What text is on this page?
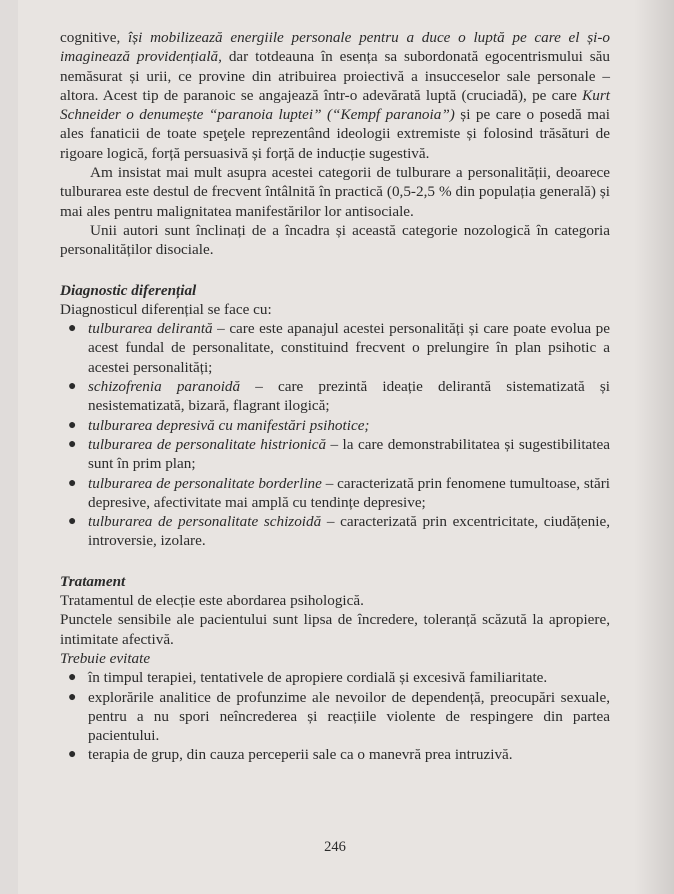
cognitive, își mobilizează energiile personale pentru a duce o luptă pe care el și-o imaginează providențială, dar totdeauna în esența sa subordonată egocentrismului său nemăsurat și urii, ce provine din atribuirea proiectivă a insucceselor sale personale – altora. Acest tip de paranoic se angajează într-o adevărată luptă (cruciadă), pe care Kurt Schneider o denumește “paranoia luptei” (“Kempf paranoia”) și pe care o posedă mai ales fanaticii de toate speţele reprezentând ideologii extremiste și folosind trăsături de rigoare logică, forță persuasivă și forță de inducție sugestivă.

Am insistat mai mult asupra acestei categorii de tulburare a personalității, deoarece tulburarea este destul de frecvent întâlnită în practică (0,5-2,5 % din populația generală) și mai ales pentru malignitatea manifestărilor lor antisociale.

Unii autori sunt înclinați de a încadra și această categorie nozologică în categoria personalităților disociale.

Diagnostic diferențial

Diagnosticul diferențial se face cu:

● tulburarea delirantă – care este apanajul acestei personalități și care poate evolua pe acest fundal de personalitate, constituind frecvent o prelungire în plan psihotic a acestei personalități;
● schizofrenia paranoidă – care prezintă ideație delirantă sistematizată și nesistematizată, bizară, flagrant ilogică;
● tulburarea depresivă cu manifestări psihotice;
● tulburarea de personalitate histrionică – la care demonstrabilitatea și sugestibilitatea sunt în prim plan;
● tulburarea de personalitate borderline – caracterizată prin fenomene tumultoase, stări depresive, afectivitate mai amplă cu tendințe depresive;
● tulburarea de personalitate schizoidă – caracterizată prin excentricitate, ciudățenie, introversie, izolare.

Tratament

Tratamentul de elecție este abordarea psihologică.

Punctele sensibile ale pacientului sunt lipsa de încredere, toleranță scăzută la apropiere, intimitate afectivă.

Trebuie evitate

● în timpul terapiei, tentativele de apropiere cordială și excesivă familiaritate.
● explorările analitice de profunzime ale nevoilor de dependență, preocupări sexuale, pentru a nu spori neîncrederea și reacțiile violente de respingere din partea pacientului.
● terapia de grup, din cauza perceperii sale ca o manevră prea intruzivă.
246
